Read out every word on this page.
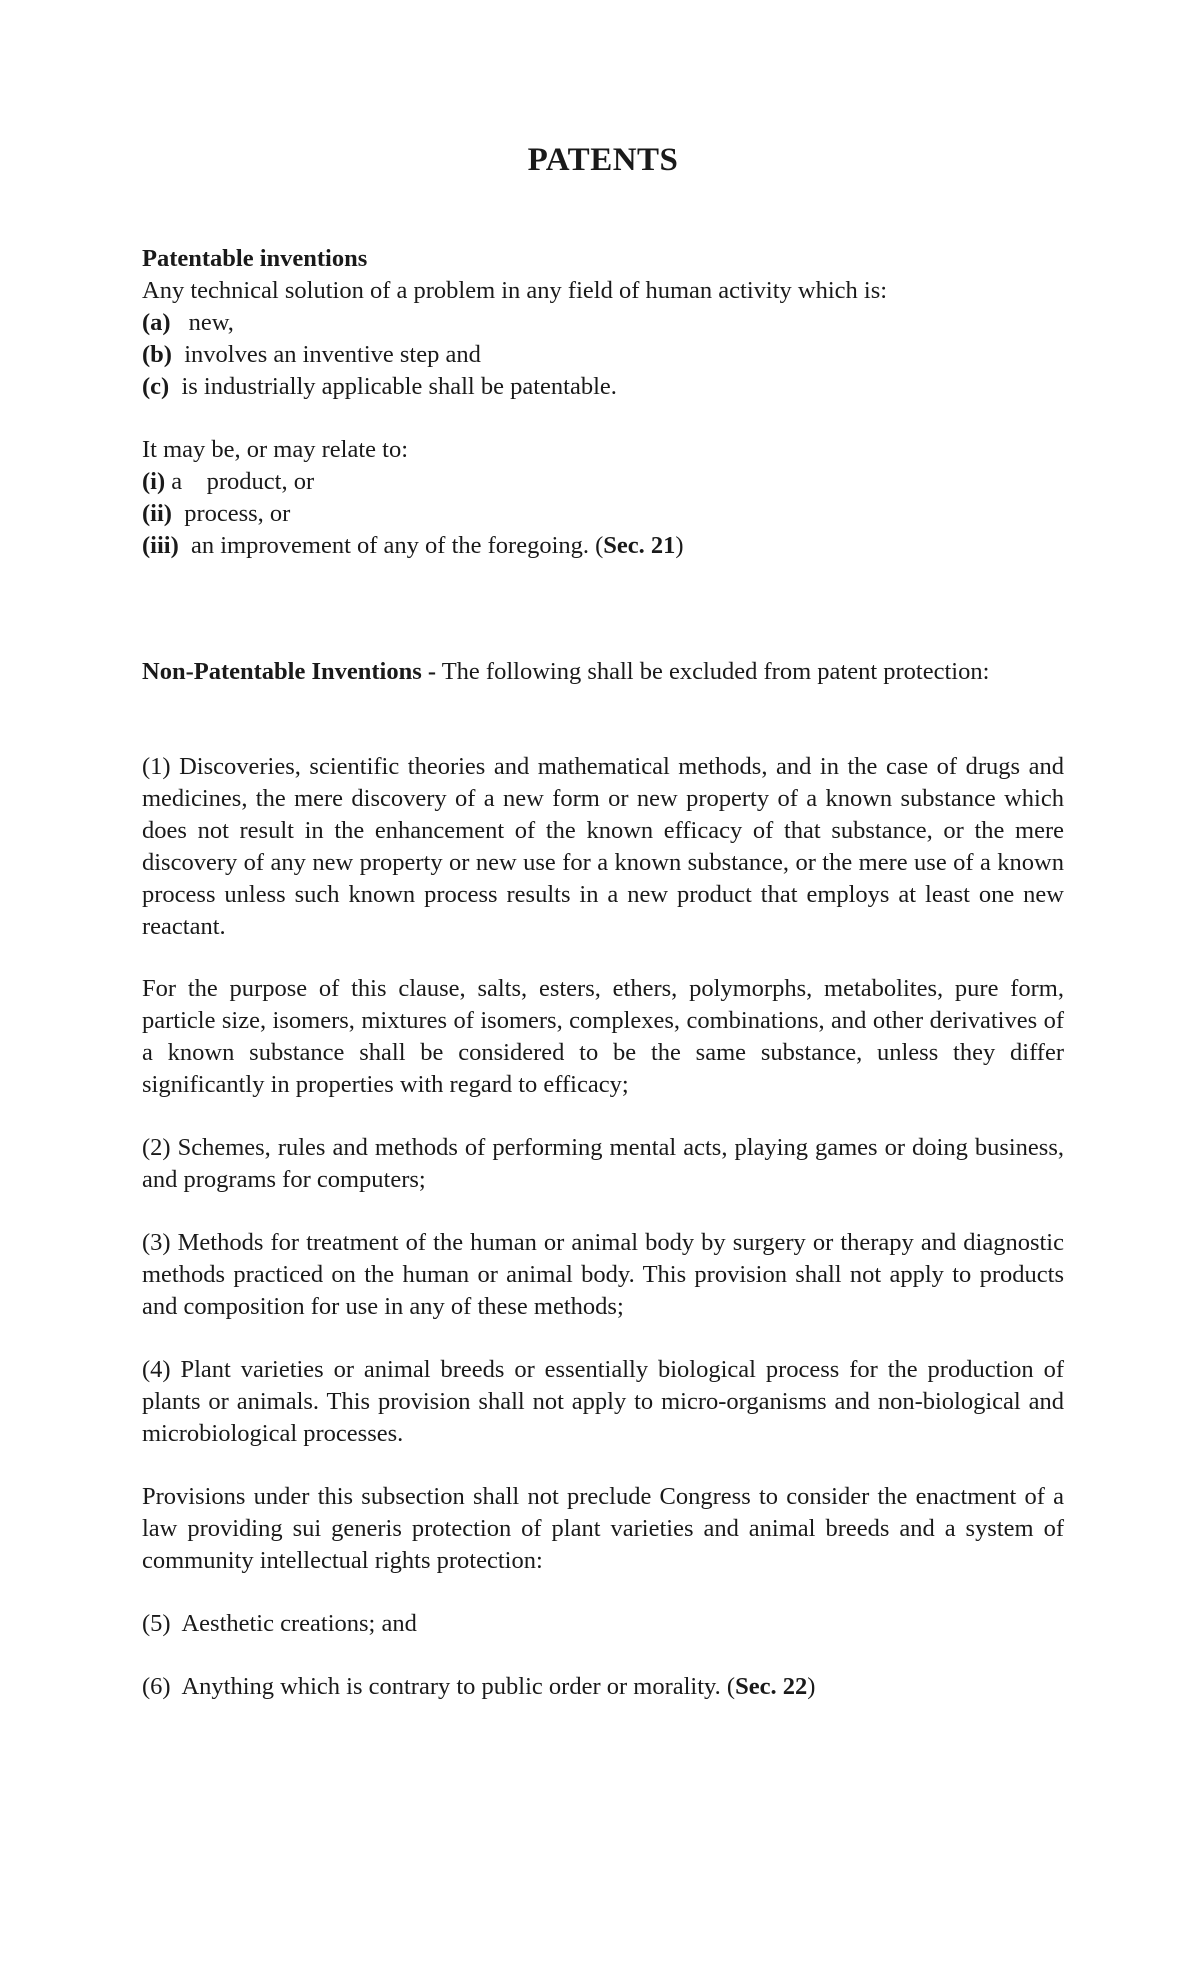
PATENTS

Patentable inventions

Any technical solution of a problem in any field of human activity which is:

(a) new,

(b) involves an inventive step and

(c) is industrially applicable shall be patentable.

It may be, or may relate to:

(i) a    product, or

(ii) process, or

(iii) an improvement of any of the foregoing. (Sec. 21)

Non-Patentable Inventions - The following shall be excluded from patent protection:

(1) Discoveries, scientific theories and mathematical methods, and in the case of drugs and medicines, the mere discovery of a new form or new property of a known substance which does not result in the enhancement of the known efficacy of that substance, or the mere discovery of any new property or new use for a known substance, or the mere use of a known process unless such known process results in a new product that employs at least one new reactant.

For the purpose of this clause, salts, esters, ethers, polymorphs, metabolites, pure form, particle size, isomers, mixtures of isomers, complexes, combinations, and other derivatives of a known substance shall be considered to be the same substance, unless they differ significantly in properties with regard to efficacy;

(2) Schemes, rules and methods of performing mental acts, playing games or doing business, and programs for computers;

(3) Methods for treatment of the human or animal body by surgery or therapy and diagnostic methods practiced on the human or animal body. This provision shall not apply to products and composition for use in any of these methods;

(4) Plant varieties or animal breeds or essentially biological process for the production of plants or animals. This provision shall not apply to micro-organisms and non-biological and microbiological processes.

Provisions under this subsection shall not preclude Congress to consider the enactment of a law providing sui generis protection of plant varieties and animal breeds and a system of community intellectual rights protection:

(5)  Aesthetic creations; and

(6)  Anything which is contrary to public order or morality. (Sec. 22)
